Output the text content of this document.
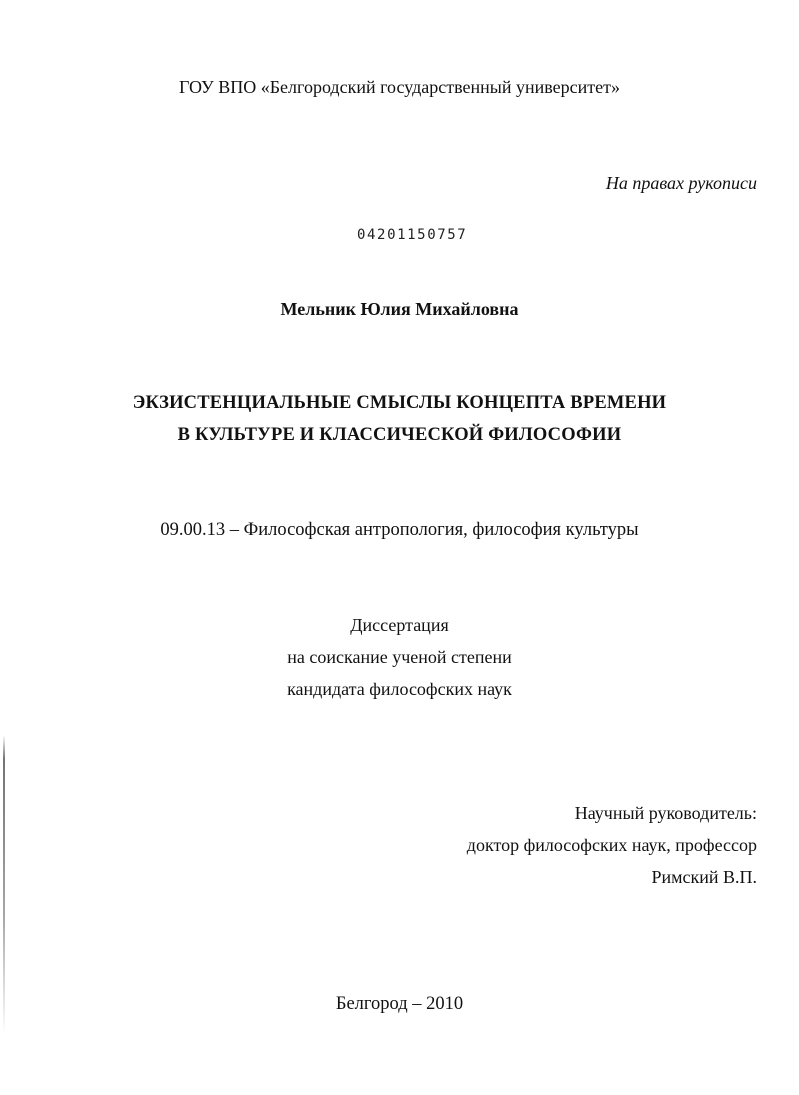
ГОУ ВПО «Белгородский государственный университет»
На правах рукописи
04201150757
Мельник Юлия Михайловна
ЭКЗИСТЕНЦИАЛЬНЫЕ СМЫСЛЫ КОНЦЕПТА ВРЕМЕНИ
В КУЛЬТУРЕ И КЛАССИЧЕСКОЙ ФИЛОСОФИИ
09.00.13 – Философская антропология, философия культуры
Диссертация
на соискание ученой степени
кандидата философских наук
Научный руководитель:
доктор философских наук, профессор
Римский В.П.
Белгород – 2010
